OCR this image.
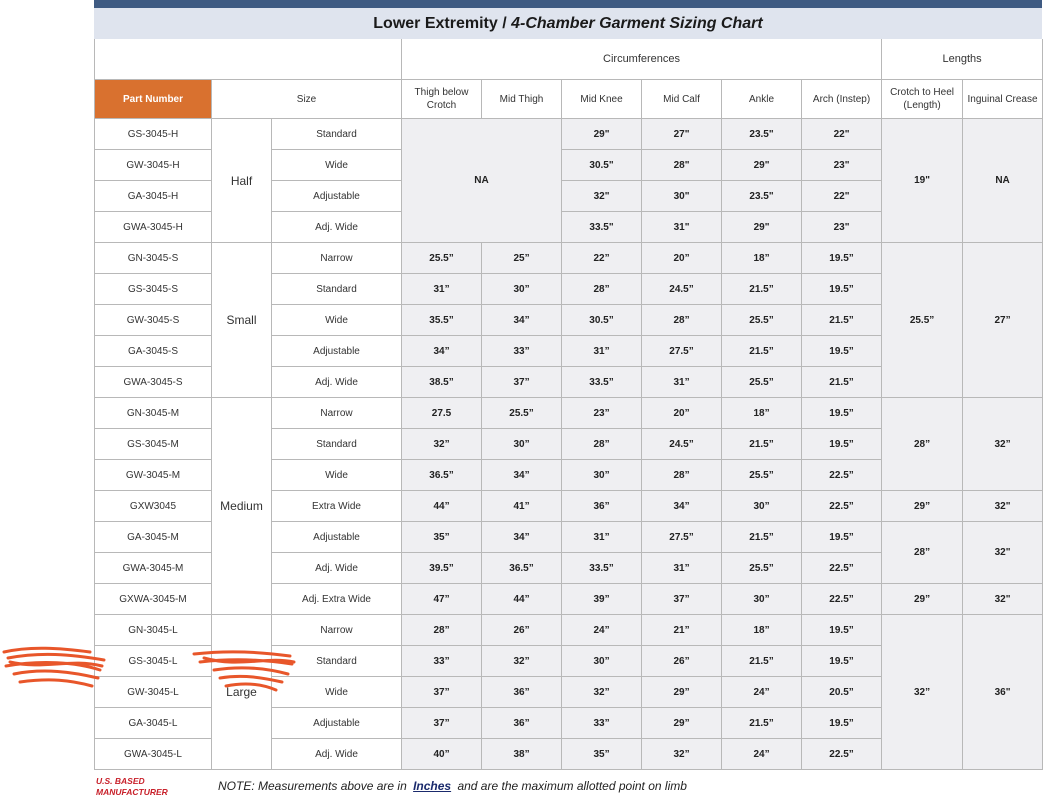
Lower Extremity / 4-Chamber Garment Sizing Chart
			Circumferences						Lengths	
Part Number	Size		Thigh below Crotch	Mid Thigh	Mid Knee	Mid Calf	Ankle	Arch (Instep)	Crotch to Heel (Length)	Inguinal Crease
GS-3045-H	Half	Standard	NA		29"	27"	23.5"	22"	19"	NA
GW-3045-H		Wide			30.5"	28"	29"	23"		
GA-3045-H		Adjustable			32"	30"	23.5"	22"		
GWA-3045-H		Adj. Wide			33.5"	31"	29"	23"		
GN-3045-S	Small	Narrow	25.5”	25”	22”	20”	18”	19.5”	25.5”	27”
GS-3045-S		Standard	31”	30”	28”	24.5”	21.5”	19.5”		
GW-3045-S		Wide	35.5”	34”	30.5”	28”	25.5”	21.5”		
GA-3045-S		Adjustable	34”	33”	31”	27.5”	21.5”	19.5”		
GWA-3045-S		Adj. Wide	38.5”	37”	33.5”	31”	25.5”	21.5”		
GN-3045-M	Medium	Narrow	27.5	25.5”	23”	20”	18”	19.5”	28”	32”
GS-3045-M		Standard	32”	30”	28”	24.5”	21.5”	19.5”		
GW-3045-M		Wide	36.5”	34”	30”	28”	25.5”	22.5”		
GXW3045		Extra Wide	44”	41”	36”	34”	30”	22.5”	29”	32"
GA-3045-M		Adjustable	35”	34”	31”	27.5”	21.5”	19.5”	28”	32"
GWA-3045-M		Adj. Wide	39.5”	36.5”	33.5”	31”	25.5”	22.5”		
GXWA-3045-M		Adj. Extra Wide	47”	44”	39”	37”	30”	22.5”	29”	32"
GN-3045-L	Large	Narrow	28”	26”	24”	21”	18”	19.5”	32”	36"
GS-3045-L		Standard	33”	32”	30”	26”	21.5”	19.5”		
GW-3045-L		Wide	37”	36”	32”	29”	24”	20.5”		
GA-3045-L		Adjustable	37”	36”	33”	29”	21.5”	19.5”		
GWA-3045-L		Adj. Wide	40”	38”	35”	32”	24”	22.5”		
U.S. BASED
MANUFACTURER	NOTE: Measurements above are in Inches and are the maximum allotted point on limb
